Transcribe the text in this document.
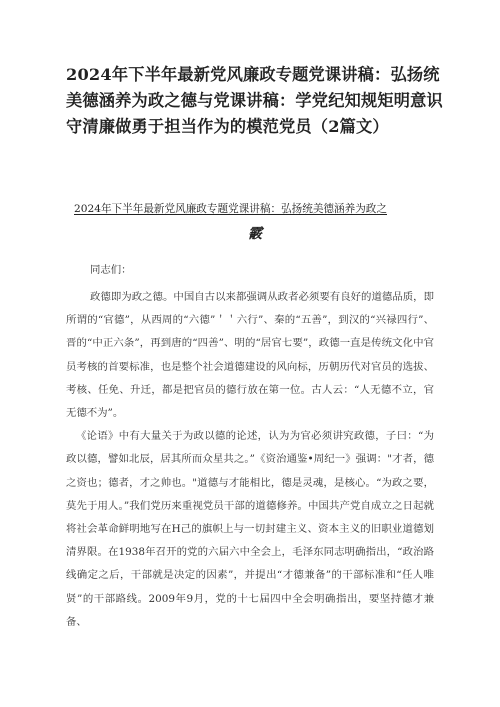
2024年下半年最新党风廉政专题党课讲稿：弘扬统美德涵养为政之德与党课讲稿：学党纪知规矩明意识守清廉做勇于担当作为的模范党员（2篇文）
2024年下半年最新党风廉政专题党课讲稿：弘扬统美德涵养为政之
霰
同志们：

政德即为政之德。中国自古以来都强调从政者必须要有良好的道德品质，即所谓的“官德”，从西周的“六德”＇＇六行”、秦的“五善”，到汉的“兴禄四行”、晋的“中正六条”，再到唐的“四善”、明的“居官七要”，政德一直是传统文化中官员考核的首要标准，也是整个社会道德建设的风向标，历朝历代对官员的选拔、考核、任免、升迁，都是把官员的德行放在第一位。古人云：“人无德不立，官无德不为”。

《论语》中有大量关于为政以德的论述，认为为官必须讲究政德，子曰：“为政以德，譬如北辰，居其所而众星共之。”《资治通鉴•周纪一》强调："才者，德之资也；德者，才之帅也。"道德与才能相比，德是灵魂，是核心。“为政之要，莫先于用人。”我们党历来重视党员干部的道德修养。中国共产党自成立之日起就将社会革命鲜明地写在H己的旗帜上与一切封建主义、资本主义的旧职业道德划清界限。在1938年召开的党的六届六中全会上，毛泽东同志明确指出，“政治路线确定之后，干部就是决定的因素”，并提出“才德兼备”的干部标准和“任人唯贤”的干部路线。2009年9月，党的十七届四中全会明确指出，要坚持德才兼备、
